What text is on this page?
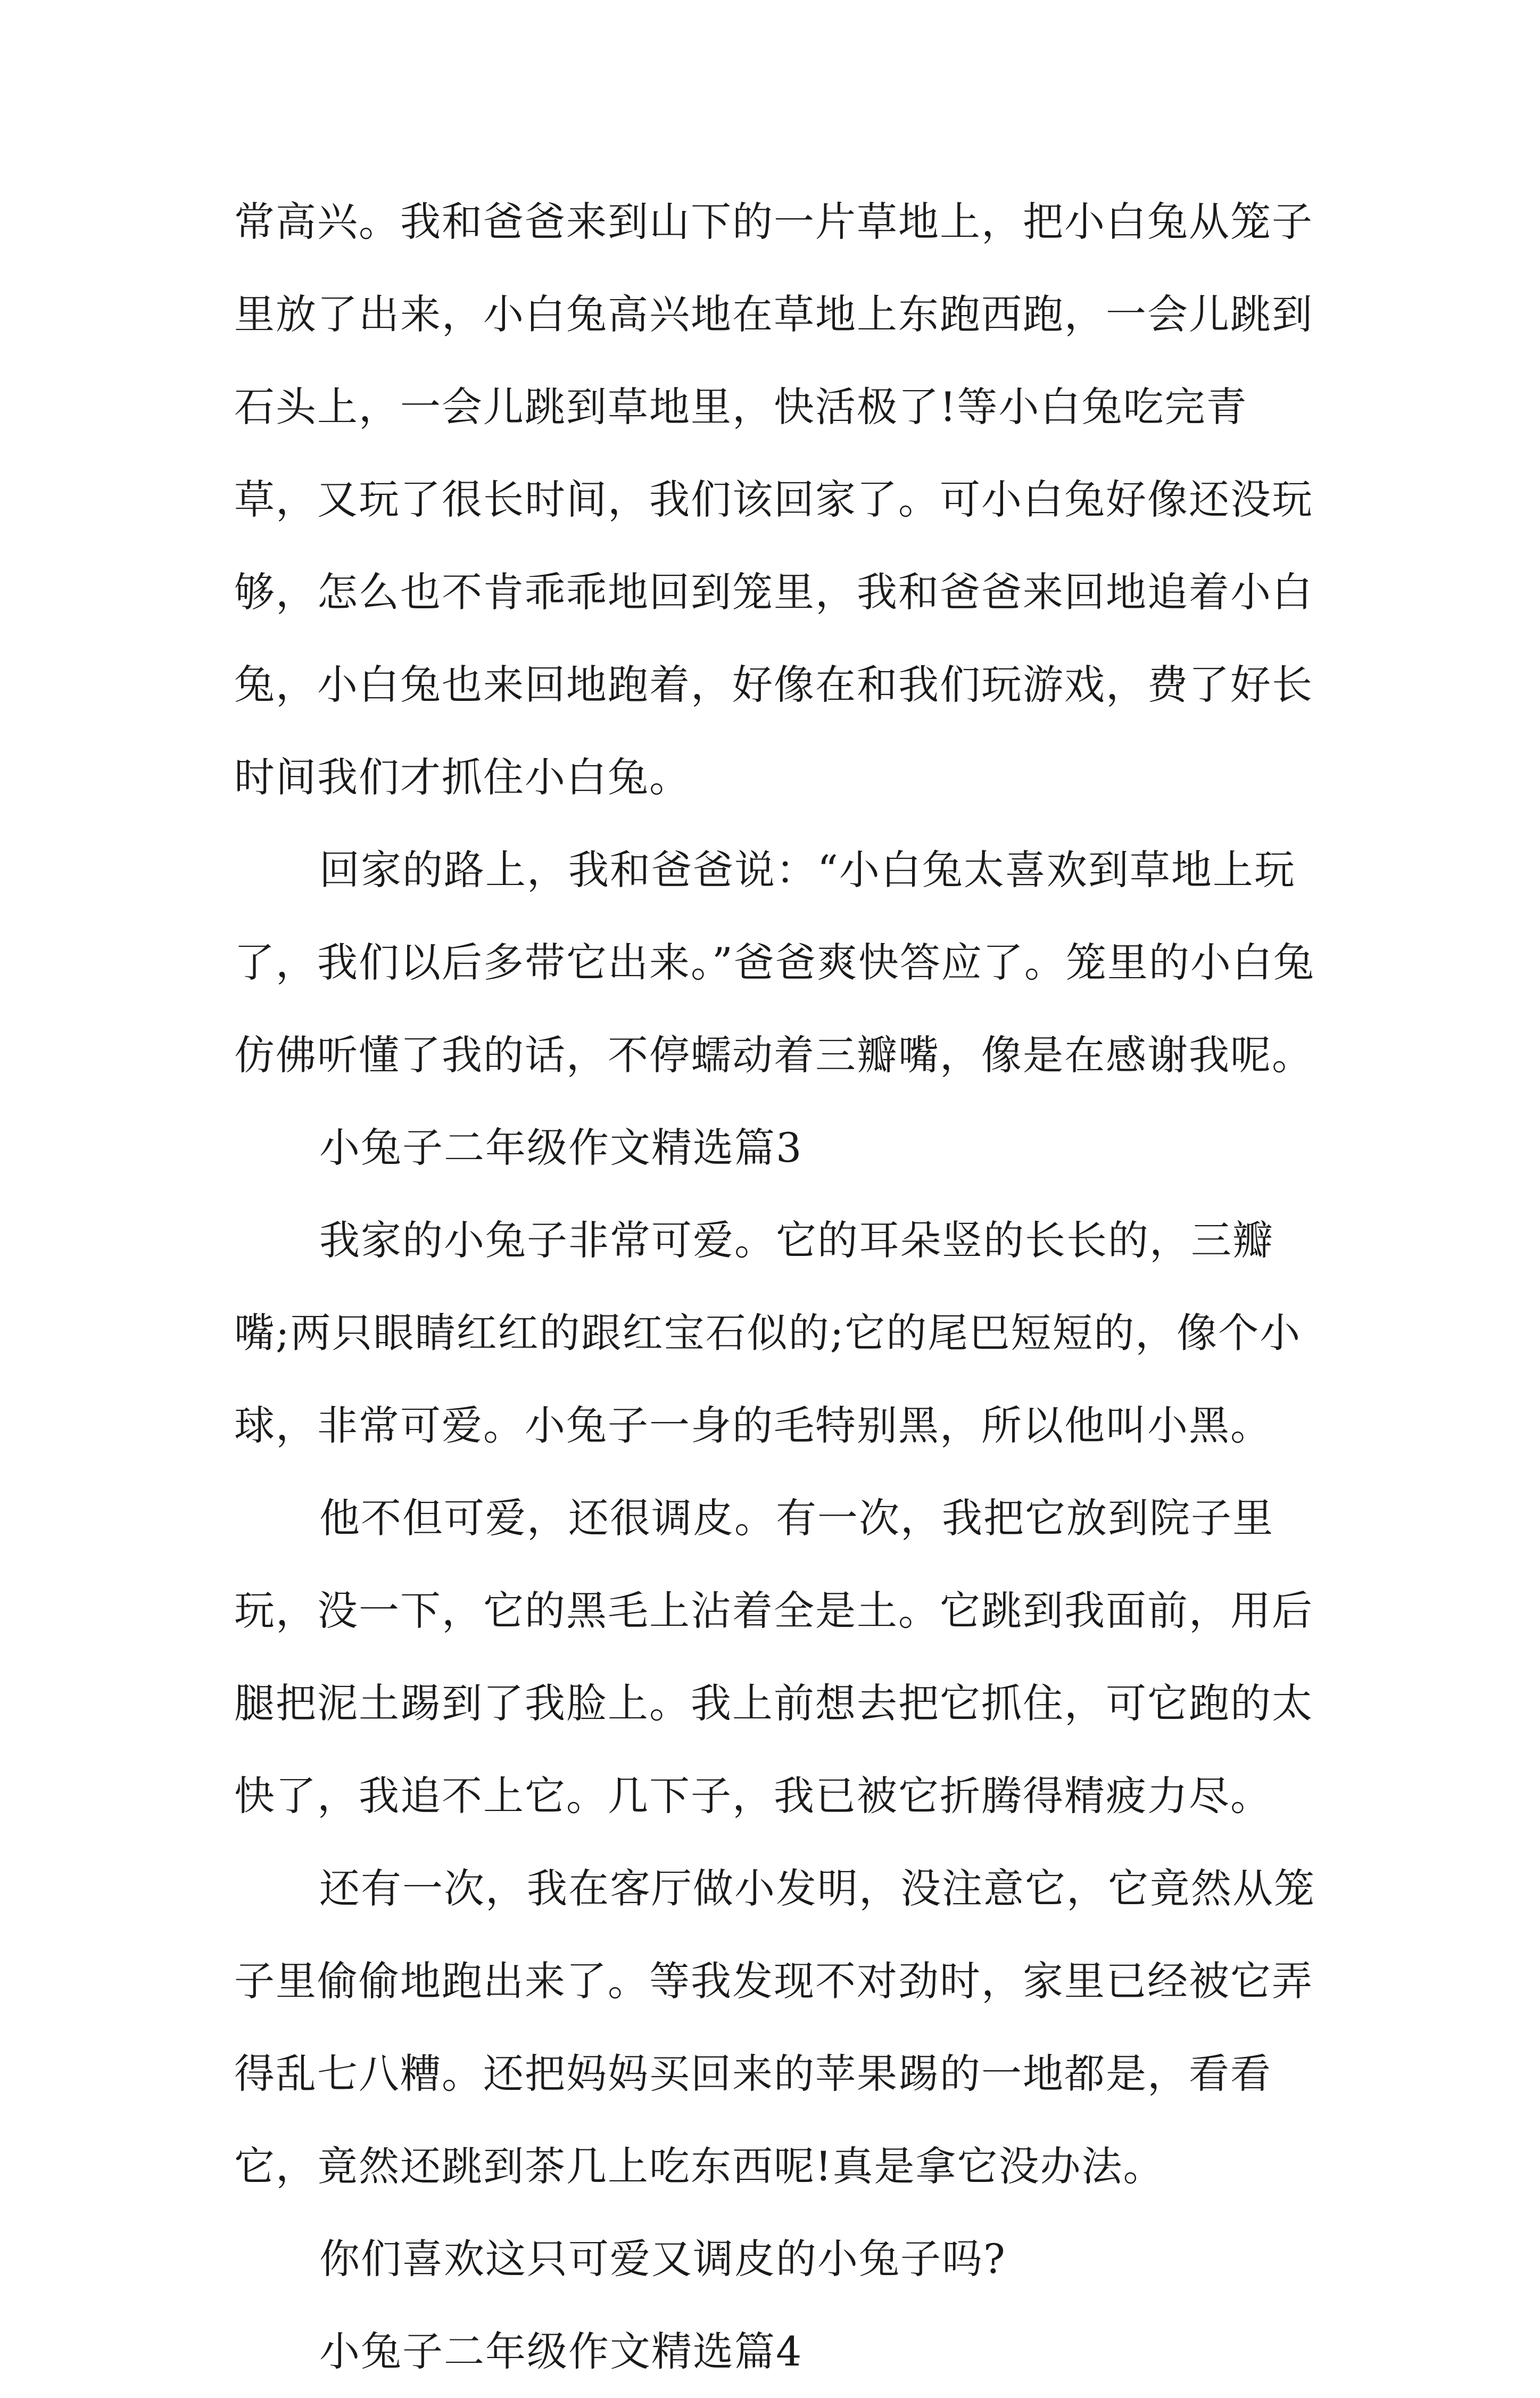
常高兴。我和爸爸来到山下的一片草地上，把小白兔从笼子里放了出来，小白兔高兴地在草地上东跑西跑，一会儿跳到石头上，一会儿跳到草地里，快活极了!等小白兔吃完青草，又玩了很长时间，我们该回家了。可小白兔好像还没玩够，怎么也不肯乖乖地回到笼里，我和爸爸来回地追着小白兔，小白兔也来回地跑着，好像在和我们玩游戏，费了好长时间我们才抓住小白兔。

回家的路上，我和爸爸说：“小白兔太喜欢到草地上玩了，我们以后多带它出来。”爸爸爽快答应了。笼里的小白兔仿佛听懂了我的话，不停蠕动着三瓣嘴，像是在感谢我呢。

小兔子二年级作文精选篇3

我家的小兔子非常可爱。它的耳朵竖的长长的，三瓣嘴;两只眼睛红红的跟红宝石似的;它的尾巴短短的，像个小球，非常可爱。小兔子一身的毛特别黑，所以他叫小黑。

他不但可爱，还很调皮。有一次，我把它放到院子里玩，没一下，它的黑毛上沾着全是土。它跳到我面前，用后腿把泥土踢到了我脸上。我上前想去把它抓住，可它跑的太快了，我追不上它。几下子，我已被它折腾得精疲力尽。

还有一次，我在客厅做小发明，没注意它，它竟然从笼子里偷偷地跑出来了。等我发现不对劲时，家里已经被它弄得乱七八糟。还把妈妈买回来的苹果踢的一地都是，看看它，竟然还跳到茶几上吃东西呢!真是拿它没办法。

你们喜欢这只可爱又调皮的小兔子吗?

小兔子二年级作文精选篇4
